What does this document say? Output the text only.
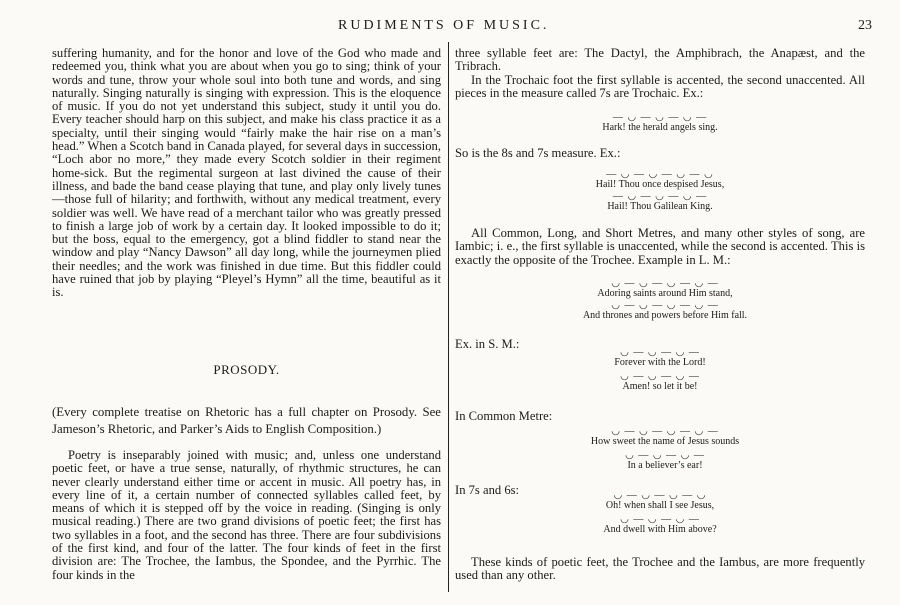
RUDIMENTS OF MUSIC.	23

suffering humanity, and for the honor and love of the God who made and redeemed you, think what you are about when you go to sing; think of your words and tune, throw your whole soul into both tune and words, and sing naturally. Singing naturally is singing with expression. This is the eloquence of music. If you do not yet understand this subject, study it until you do. Every teacher should harp on this subject, and make his class practice it as a specialty, until their singing would “fairly make the hair rise on a man’s head.” When a Scotch band in Canada played, for several days in succession, “Loch abor no more,” they made every Scotch soldier in their regiment home-sick. But the regimental surgeon at last divined the cause of their illness, and bade the band cease playing that tune, and play only lively tunes—those full of hilarity; and forthwith, without any medical treatment, every soldier was well. We have read of a merchant tailor who was greatly pressed to finish a large job of work by a certain day. It looked impossible to do it; but the boss, equal to the emergency, got a blind fiddler to stand near the window and play “Nancy Dawson” all day long, while the journeymen plied their needles; and the work was finished in due time. But this fiddler could have ruined that job by playing “Pleyel’s Hymn” all the time, beautiful as it is.

PROSODY.
(Every complete treatise on Rhetoric has a full chapter on Prosody. See Jameson’s Rhetoric, and Parker’s Aids to English Composition.)

Poetry is inseparably joined with music; and, unless one understand poetic feet, or have a true sense, naturally, of rhythmic structures, he can never clearly understand either time or accent in music. All poetry has, in every line of it, a certain number of connected syllables called feet, by means of which it is stepped off by the voice in reading. (Singing is only musical reading.) There are two grand divisions of poetic feet; the first has two syllables in a foot, and the second has three. There are four subdivisions of the first kind, and four of the latter. The four kinds of feet in the first division are: The Trochee, the Iambus, the Spondee, and the Pyrrhic. The four kinds in the

three syllable feet are: The Dactyl, the Amphibrach, the Anapæst, and the Tribrach.

In the Trochaic foot the first syllable is accented, the second unaccented. All pieces in the measure called 7s are Trochaic. Ex.:

— ◡ — ◡ — ◡ —
Hark! the herald angels sing.
So is the 8s and 7s measure. Ex.:
— ◡ — ◡ — ◡ — ◡
Hail! Thou once despised Jesus,
— ◡ — ◡ — ◡ —
Hail! Thou Galilean King.

All Common, Long, and Short Metres, and many other styles of song, are Iambic; i. e., the first syllable is unaccented, while the second is accented. This is exactly the opposite of the Trochee. Example in L. M.:

◡ — ◡ — ◡ — ◡ —
Adoring saints around Him stand,
◡ — ◡ — ◡ — ◡ —
And thrones and powers before Him fall.
Ex. in S. M.:
◡ — ◡ — ◡ —
Forever with the Lord!
◡ — ◡ — ◡ —
Amen! so let it be!
In Common Metre:
◡ — ◡ — ◡ — ◡ —
How sweet the name of Jesus sounds
◡ — ◡ — ◡ —
In a believer’s ear!
In 7s and 6s:	◡ — ◡ — ◡ — ◡
Oh! when shall I see Jesus,
◡ — ◡ — ◡ —
And dwell with Him above?

These kinds of poetic feet, the Trochee and the Iambus, are more frequently used than any other.
